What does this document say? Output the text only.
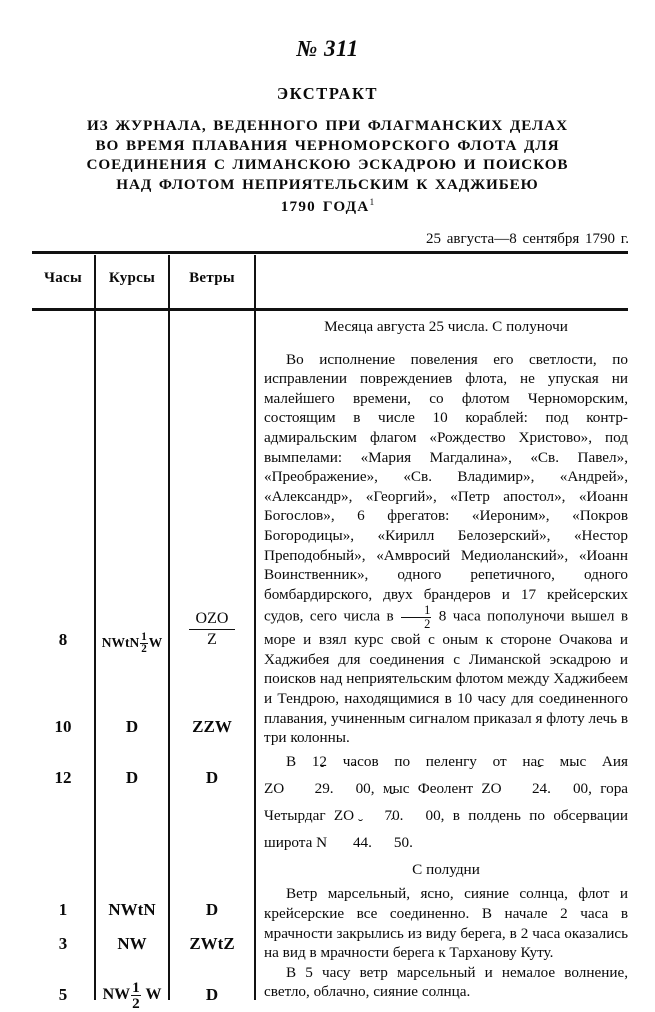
№ 311
ЭКСТРАКТ
ИЗ ЖУРНАЛА, ВЕДЕННОГО ПРИ ФЛАГМАНСКИХ ДЕЛАХ
ВО ВРЕМЯ ПЛАВАНИЯ ЧЕРНОМОРСКОГО ФЛОТА ДЛЯ
СОЕДИНЕНИЯ С ЛИМАНСКОЮ ЭСКАДРОЮ И ПОИСКОВ
НАД ФЛОТОМ НЕПРИЯТЕЛЬСКИМ К ХАДЖИБЕЮ
1790 ГОДА$^1$
25 августа—8 сентября 1790 г.
Часы	Курсы	Ветры
8
10
12
1
3
5
NWtN $\frac{1}{2}$ W
D
D
NWtN
NW
NW $\frac{1}{2}$ W
$\frac{\text{OZO}}{Z}$
ZZW
D
D
ZWtZ
D

Месяца августа 25 числа. С полуночи

Во исполнение повеления его светлости, по исправлении повреждениев флота, не упуская ни малейшего времени, со флотом Черноморским, состоящим в числе 10 кораблей: под контр-адмиральским флагом «Рождество Христово», под вымпелами: «Мария Магдалина», «Св. Павел», «Преображение», «Св. Владимир», «Андрей», «Александр», «Георгий», «Петр апостол», «Иоанн Богослов», 6 фрегатов: «Иероним», «Покров Богородицы», «Кирилл Белозерский», «Нестор Преподобный», «Амвросий Медиоланский», «Иоанн Воинственник», одного репетичного, одного бомбардирского, двух брандеров и 17 крейсерских судов, сего числа в $\frac{1}{2} 8$ часа пополуночи вышел в море и взял курс свой с оным к стороне Очакова и Хаджибея для соединения с Лиманской эскадрою и поисков над неприятельским флотом между Хаджибеем и Тендрою, находящимися в 10 часу для соединенного плавания, учиненным сигналом приказал я флоту лечь в три колонны.

В 12 часов по пеленгу от нас мыс Аия ZO 29. 00, мыс Феолент ZO 24. 00, гора Четырдаг ZO 70. 00, в полдень по обсервации широта N 44. 50.

С полудни

Ветр марсельный, ясно, сияние солнца, флот и крейсерские все соединенно. В начале 2 часа в мрачности закрылись из виду берега, в 2 часа оказались на вид в мрачности берега к Тарханову Куту.

В 5 часу ветр марсельный и немалое волнение, светло, облачно, сияние солнца.
